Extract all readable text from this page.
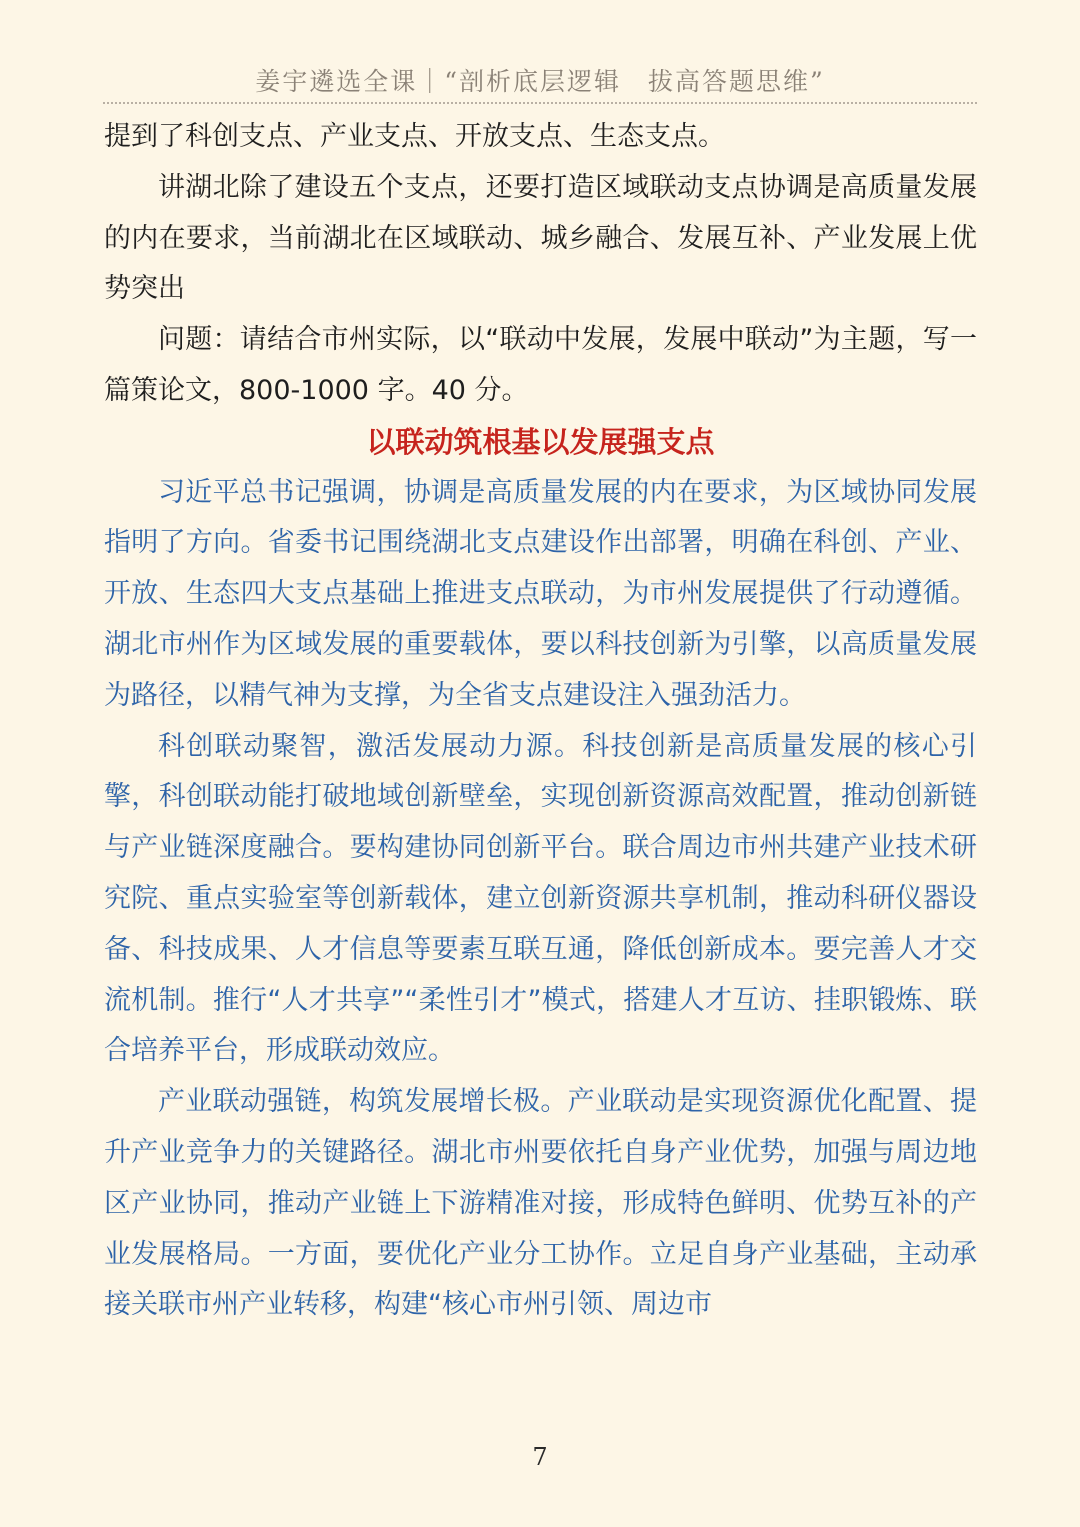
姜宇遴选全课｜“剖析底层逻辑　拔高答题思维”

提到了科创支点、产业支点、开放支点、生态支点。

讲湖北除了建设五个支点，还要打造区域联动支点协调是高质量发展的内在要求，当前湖北在区域联动、城乡融合、发展互补、产业发展上优势突出

问题：请结合市州实际，以“联动中发展，发展中联动”为主题，写一篇策论文，800-1000 字。40 分。

以联动筑根基以发展强支点

习近平总书记强调，协调是高质量发展的内在要求，为区域协同发展指明了方向。省委书记围绕湖北支点建设作出部署，明确在科创、产业、开放、生态四大支点基础上推进支点联动，为市州发展提供了行动遵循。湖北市州作为区域发展的重要载体，要以科技创新为引擎，以高质量发展为路径，以精气神为支撑，为全省支点建设注入强劲活力。

科创联动聚智，激活发展动力源。科技创新是高质量发展的核心引擎，科创联动能打破地域创新壁垒，实现创新资源高效配置，推动创新链与产业链深度融合。要构建协同创新平台。联合周边市州共建产业技术研究院、重点实验室等创新载体，建立创新资源共享机制，推动科研仪器设备、科技成果、人才信息等要素互联互通，降低创新成本。要完善人才交流机制。推行“人才共享”“柔性引才”模式，搭建人才互访、挂职锻炼、联合培养平台，形成联动效应。

产业联动强链，构筑发展增长极。产业联动是实现资源优化配置、提升产业竞争力的关键路径。湖北市州要依托自身产业优势，加强与周边地区产业协同，推动产业链上下游精准对接，形成特色鲜明、优势互补的产业发展格局。一方面，要优化产业分工协作。立足自身产业基础，主动承接关联市州产业转移，构建“核心市州引领、周边市

7
